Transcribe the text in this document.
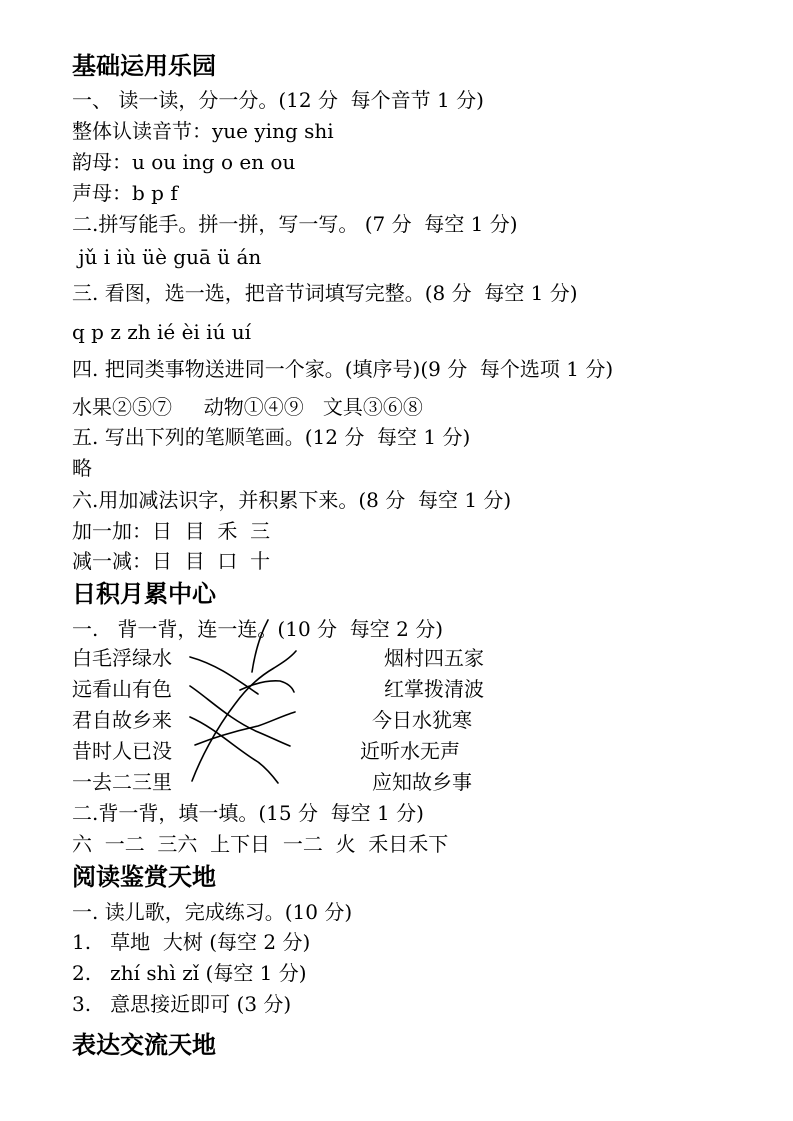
基础运用乐园
一、 读一读，分一分。(12 分  每个音节 1 分)
整体认读音节：yue ying shi
韵母：u ou ing o en ou
声母：b p f
二.拼写能手。拼一拼，写一写。 (7 分  每空 1 分)
jǔ i iù üè guā ü án
三. 看图，选一选，把音节词填写完整。(8 分  每空 1 分)
q p z zh ié èi iú uí
四. 把同类事物送进同一个家。(填序号)(9 分  每个选项 1 分)
水果②⑤⑦     动物①④⑨   文具③⑥⑧
五. 写出下列的笔顺笔画。(12 分  每空 1 分)
略
六.用加减法识字，并积累下来。(8 分  每空 1 分)
加一加：日  目  禾  三
减一减：日  目  口  十
日积月累中心
一.   背一背，连一连。(10 分  每空 2 分)
白毛浮绿水
远看山有色
君自故乡来
昔时人已没
一去二三里
烟村四五家
红掌拨清波
今日水犹寒
近听水无声
应知故乡事
二.背一背，填一填。(15 分  每空 1 分)
六  一二  三六  上下日  一二  火  禾日禾下
阅读鉴赏天地
一. 读儿歌，完成练习。(10 分)
1.   草地  大树 (每空 2 分)
2.   zhí shì zǐ (每空 1 分)
3.   意思接近即可 (3 分)
表达交流天地
